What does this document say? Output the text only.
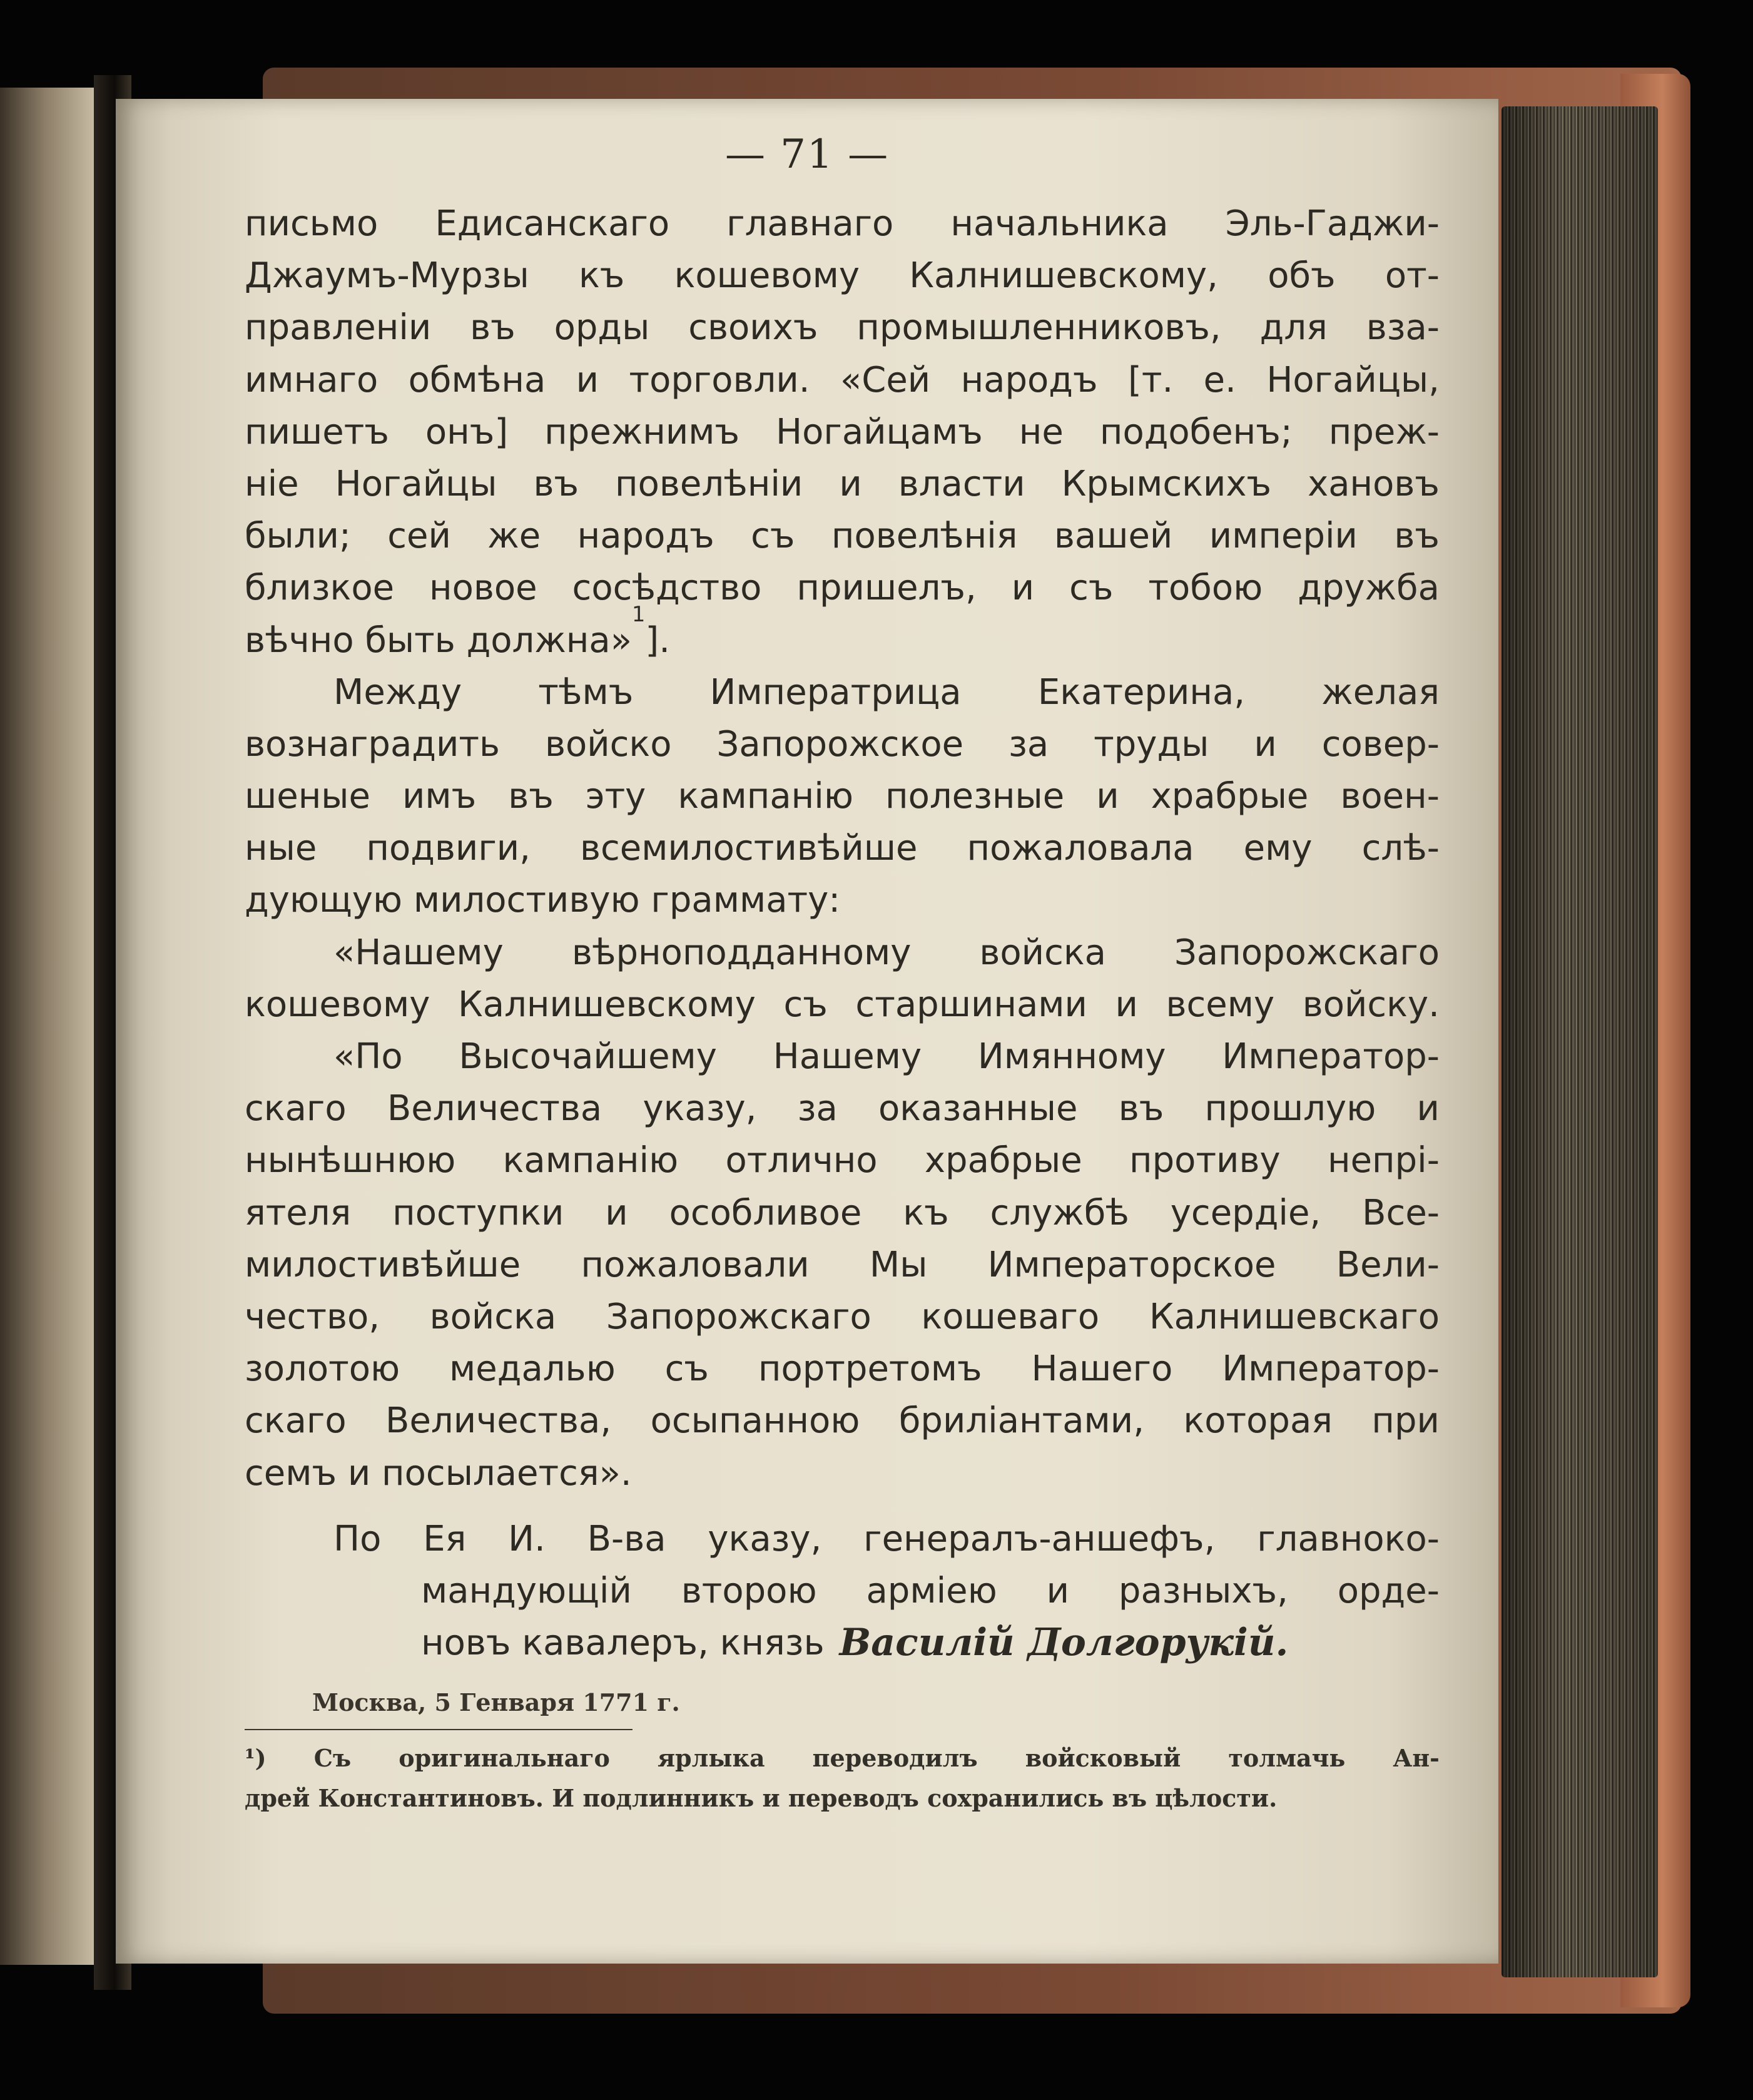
— 71 —
письмо Едисанскаго главнаго начальника Эль-Гаджи-
Джаумъ-Мурзы къ кошевому Калнишевскому, объ от-
правленіи въ орды своихъ промышленниковъ, для вза-
имнаго обмѣна и торговли. «Сей народъ [т. е. Ногайцы,
пишетъ онъ] прежнимъ Ногайцамъ не подобенъ; преж-
ніе Ногайцы въ повелѣніи и власти Крымскихъ хановъ
были; сей же народъ съ повелѣнія вашей имперіи въ
близкое новое сосѣдство пришелъ, и съ тобою дружба
вѣчно быть должна»
1
].
Между тѣмъ Императрица Екатерина, желая
вознаградить войско Запорожское за труды и совер-
шеные имъ въ эту кампанію полезные и храбрые воен-
ные подвиги, всемилостивѣйше пожаловала ему слѣ-
дующую милостивую граммату:
«Нашему вѣрноподданному войска Запорожскаго
кошевому Калнишевскому съ старшинами и всему войску.
«По Высочайшему Нашему Имянному Император-
скаго Величества указу, за оказанные въ прошлую и
нынѣшнюю кампанію отлично храбрые противу непрі-
ятеля поступки и особливое къ службѣ усердіе, Все-
милостивѣйше пожаловали Мы Императорское Вели-
чество, войска Запорожскаго кошеваго Калнишевскаго
золотою медалью съ портретомъ Нашего Император-
скаго Величества, осыпанною бриліантами, которая при
семъ и посылается».
По Ея И. В-ва указу, генералъ-аншефъ, главноко-
мандующій второю арміею и разныхъ, орде-
новъ кавалеръ, князь Василій Долгорукій.
Москва, 5 Генваря 1771 г.
¹) Съ оригинальнаго ярлыка переводилъ войсковый толмачь Ан-
дрей Константиновъ. И подлинникъ и переводъ сохранились въ цѣлости.
